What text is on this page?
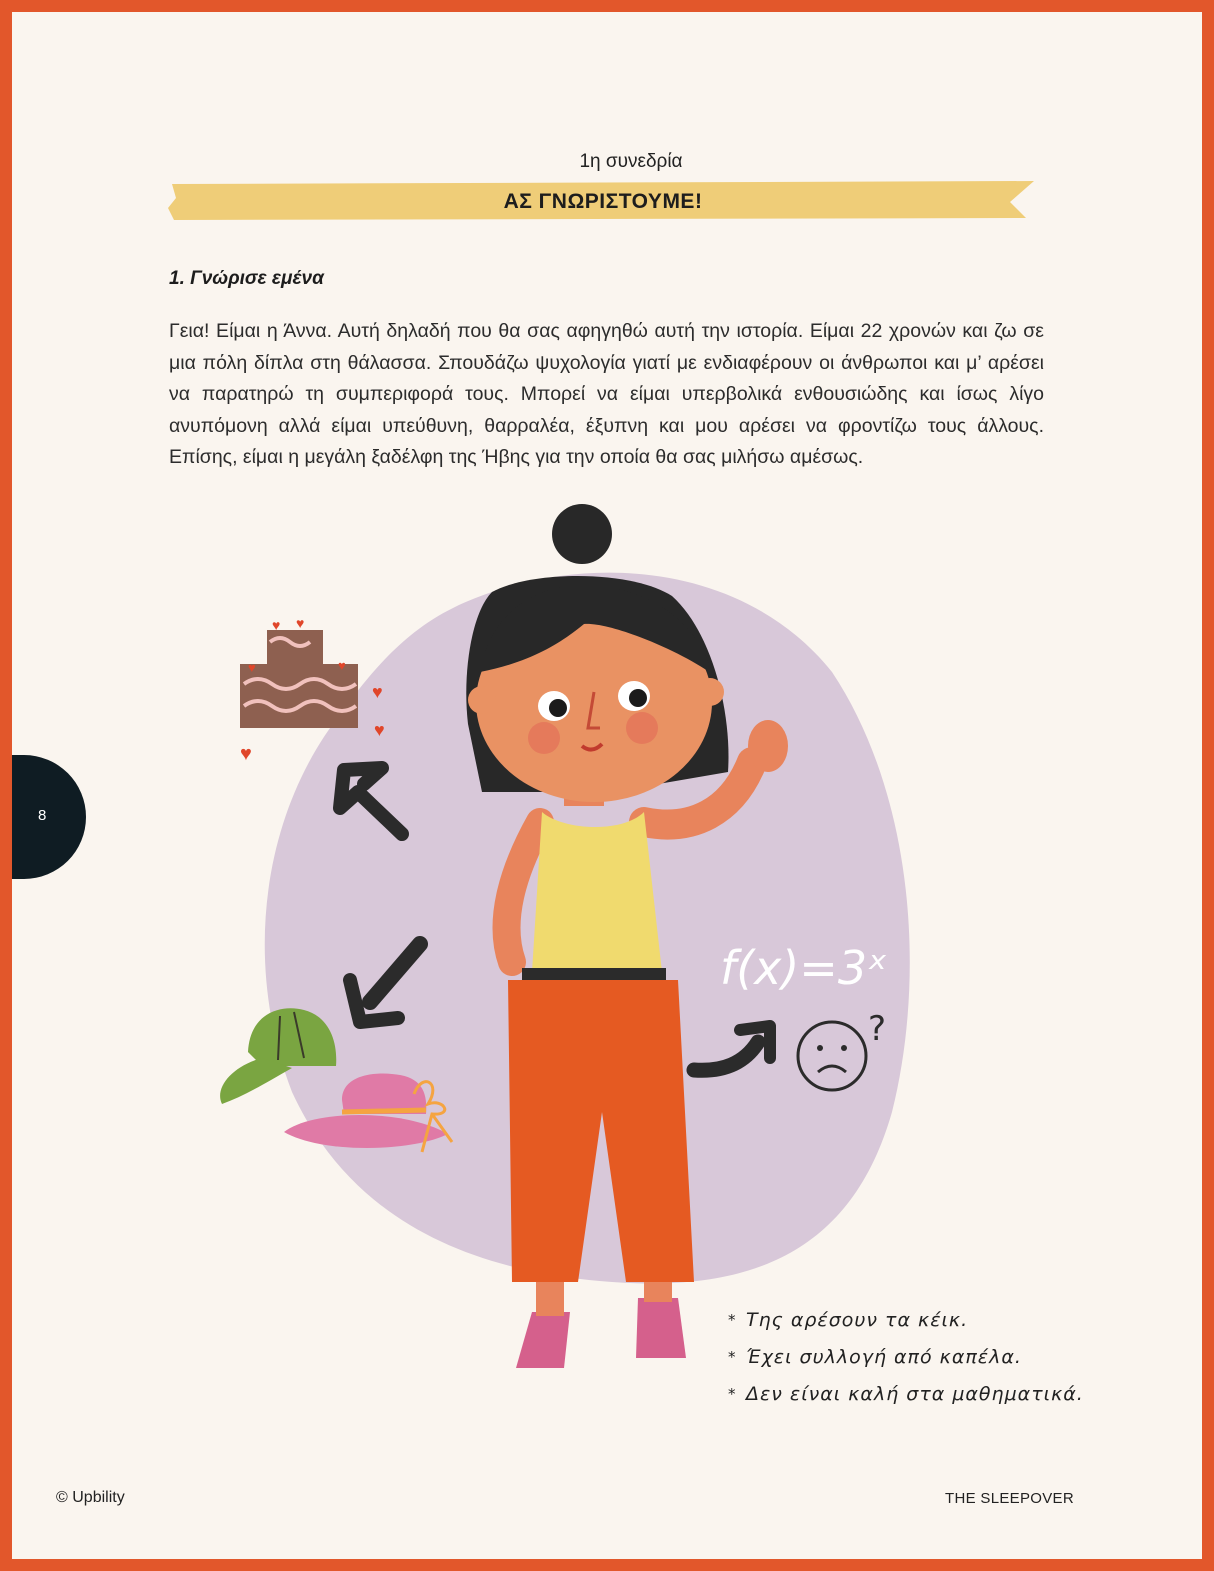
1η συνεδρία
ΑΣ ΓΝΩΡΙΣΤΟΥΜΕ!
1. Γνώρισε εμένα
Γεια! Είμαι η Άννα. Αυτή δηλαδή που θα σας αφηγηθώ αυτή την ιστορία. Είμαι 22 χρονών και ζω σε μια πόλη δίπλα στη θάλασσα. Σπουδάζω ψυχολογία γιατί με ενδιαφέρουν οι άνθρωποι και μ’ αρέσει να παρατηρώ τη συμπεριφορά τους. Μπορεί να είμαι υπερβολικά ενθουσιώδης και ίσως λίγο ανυπόμονη αλλά είμαι υπεύθυνη, θαρραλέα, έξυπνη και μου αρέσει να φροντίζω τους άλλους. Επίσης, είμαι η μεγάλη ξαδέλφη της Ήβης για την οποία θα σας μιλήσω αμέσως.
♥ ♥
♥	♥
♥
♥
♥
f(x)=3ˣ
?
* Της αρέσουν τα κέικ.
* Έχει συλλογή από καπέλα.
* Δεν είναι καλή στα μαθηματικά.
8
© Upbility	THE SLEEPOVER
